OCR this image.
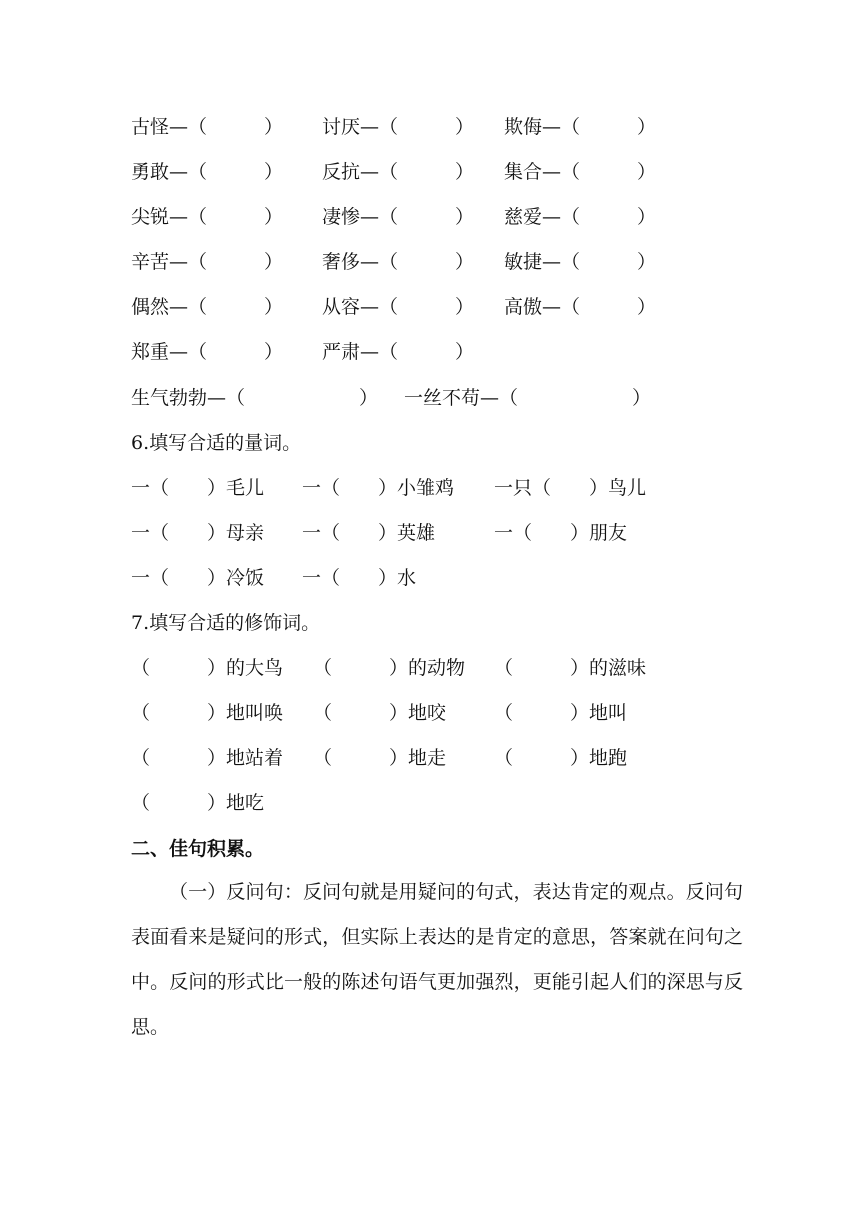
古怪—（　　　） 讨厌—（　　　） 欺侮—（　　　）
勇敢—（　　　） 反抗—（　　　） 集合—（　　　）
尖锐—（　　　） 凄惨—（　　　） 慈爱—（　　　）
辛苦—（　　　） 奢侈—（　　　） 敏捷—（　　　）
偶然—（　　　） 从容—（　　　） 高傲—（　　　）
郑重—（　　　） 严肃—（　　　）
生气勃勃—（　　　　　　） 一丝不苟—（　　　　　　）
6.填写合适的量词。
一（　　）毛儿 一（　　）小雏鸡 一只（　　）鸟儿
一（　　）母亲 一（　　）英雄	一（　　）朋友
一（　　）冷饭 一（　　）水
7.填写合适的修饰词。
（　　　）的大鸟 （　　　）的动物 （　　　）的滋味
（　　　）地叫唤 （　　　）地咬	（　　　）地叫
（　　　）地站着 （　　　）地走	（　　　）地跑
（　　　）地吃
二、佳句积累。

（一）反问句：反问句就是用疑问的句式，表达肯定的观点。反问句表面看来是疑问的形式，但实际上表达的是肯定的意思，答案就在问句之中。反问的形式比一般的陈述句语气更加强烈，更能引起人们的深思与反思。
